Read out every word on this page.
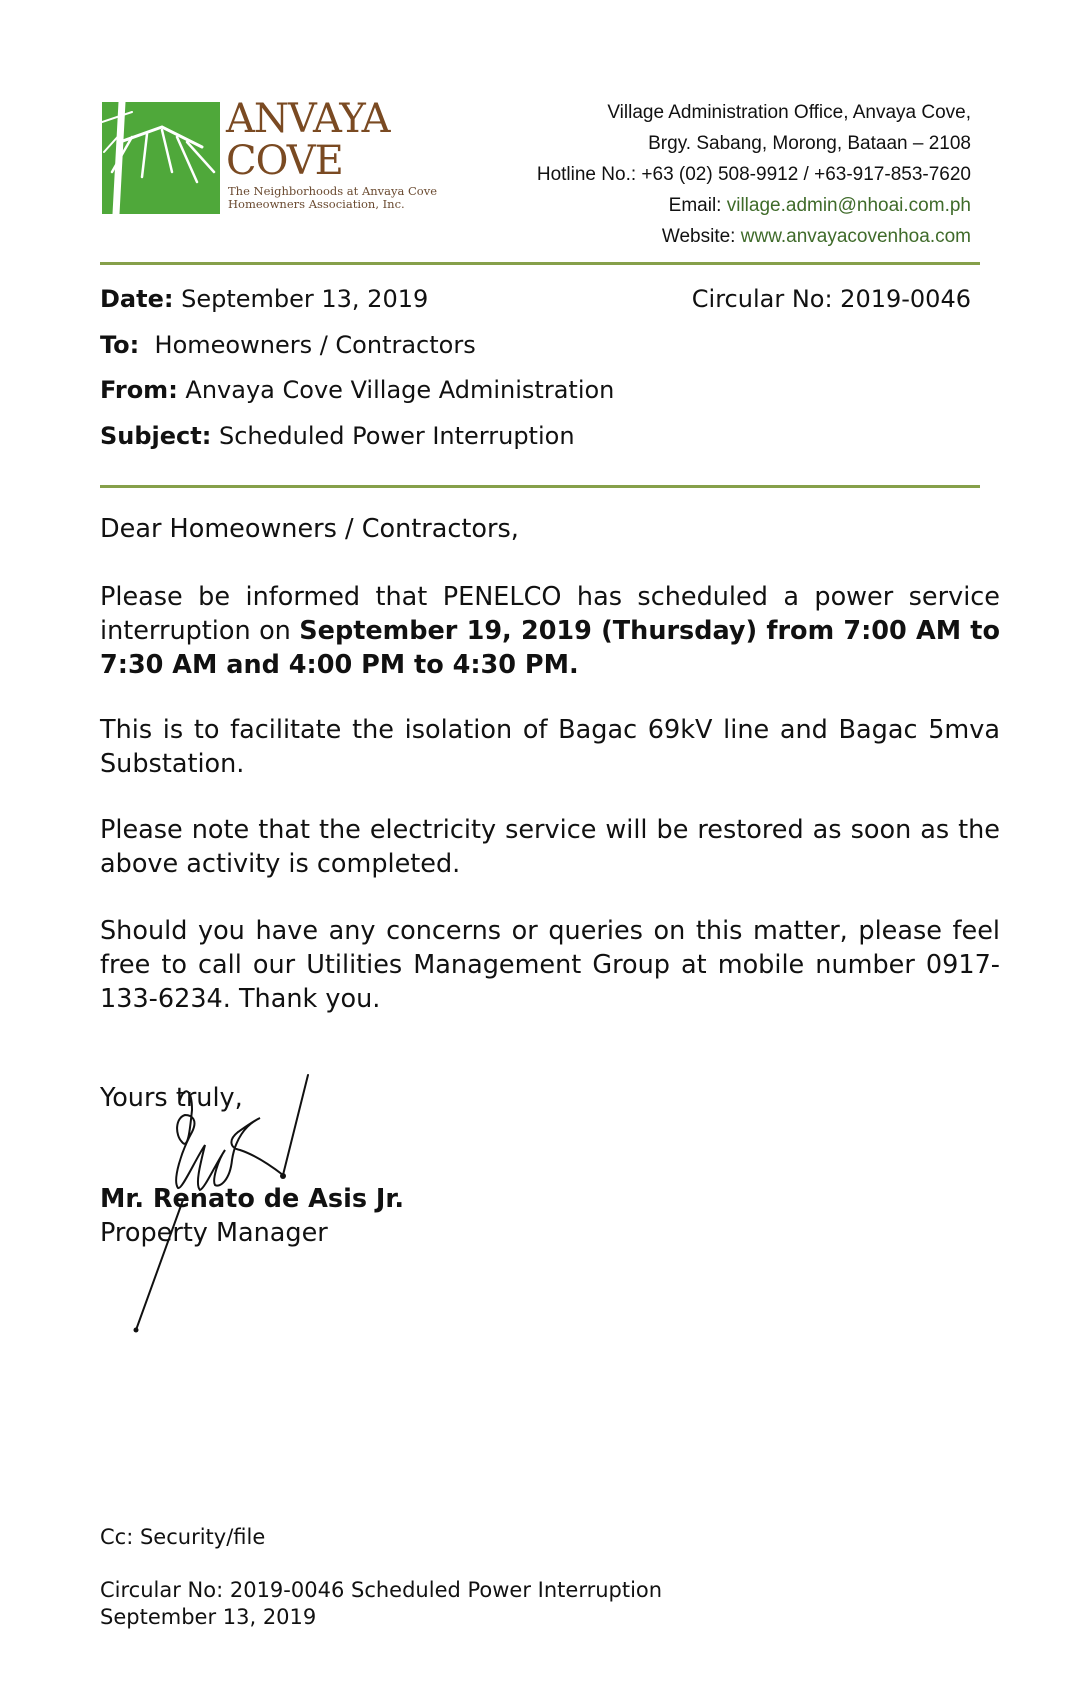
ANVAYA
COVE
The Neighborhoods at Anvaya Cove
Homeowners Association, Inc.
Village Administration Office, Anvaya Cove,
Brgy. Sabang, Morong, Bataan – 2108
Hotline No.: +63 (02) 508-9912 / +63-917-853-7620
Email: village.admin@nhoai.com.ph
Website: www.anvayacovenhoa.com
Date: September 13, 2019	Circular No: 2019-0046
To:  Homeowners / Contractors
From: Anvaya Cove Village Administration
Subject: Scheduled Power Interruption

Dear Homeowners / Contractors,

Please be informed that PENELCO has scheduled a power service interruption on September 19, 2019 (Thursday) from 7:00 AM to 7:30 AM and 4:00 PM to 4:30 PM.

This is to facilitate the isolation of Bagac 69kV line and Bagac 5mva Substation.

Please note that the electricity service will be restored as soon as the above activity is completed.

Should you have any concerns or queries on this matter, please feel free to call our Utilities Management Group at mobile number 0917-133-6234. Thank you.

Yours truly,

Mr. Renato de Asis Jr.

Property Manager

Cc: Security/file
Circular No: 2019-0046 Scheduled Power Interruption
September 13, 2019
